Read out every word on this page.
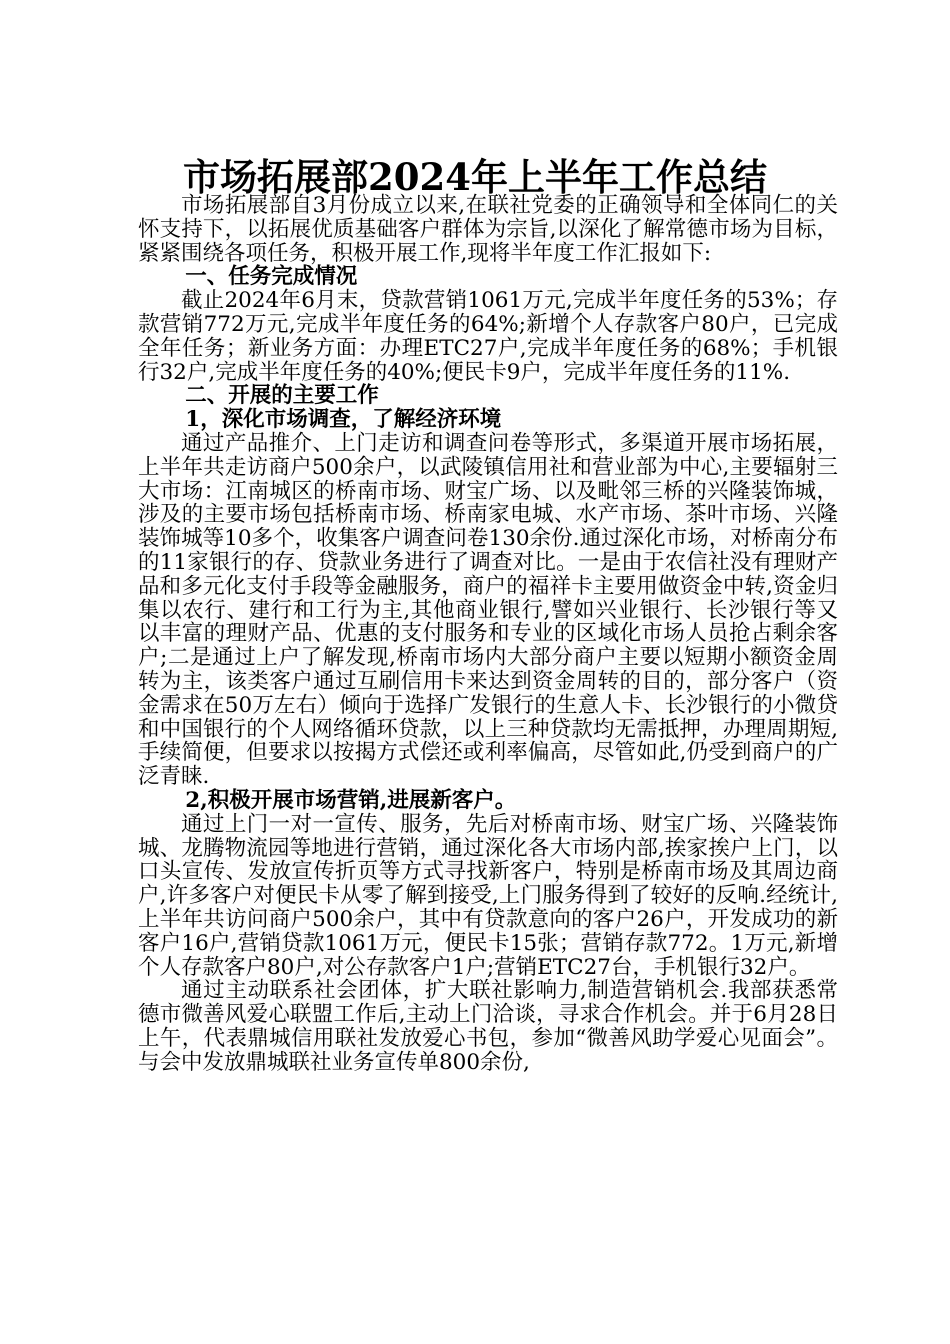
市场拓展部2024年上半年工作总结

市场拓展部自3月份成立以来,在联社党委的正确领导和全体同仁的关怀支持下，以拓展优质基础客户群体为宗旨,以深化了解常德市场为目标，紧紧围绕各项任务，积极开展工作,现将半年度工作汇报如下:

一、任务完成情况

截止2024年6月末，贷款营销1061万元,完成半年度任务的53%；存款营销772万元,完成半年度任务的64%;新增个人存款客户80户，已完成全年任务；新业务方面：办理ETC27户,完成半年度任务的68%；手机银行32户,完成半年度任务的40%;便民卡9户，完成半年度任务的11%.

二、开展的主要工作
1，深化市场调查，了解经济环境

通过产品推介、上门走访和调查问卷等形式，多渠道开展市场拓展，上半年共走访商户500余户，以武陵镇信用社和营业部为中心,主要辐射三大市场：江南城区的桥南市场、财宝广场、以及毗邻三桥的兴隆装饰城，涉及的主要市场包括桥南市场、桥南家电城、水产市场、茶叶市场、兴隆装饰城等10多个，收集客户调查问卷130余份.通过深化市场，对桥南分布的11家银行的存、贷款业务进行了调查对比。一是由于农信社没有理财产品和多元化支付手段等金融服务，商户的福祥卡主要用做资金中转,资金归集以农行、建行和工行为主,其他商业银行,譬如兴业银行、长沙银行等又以丰富的理财产品、优惠的支付服务和专业的区域化市场人员抢占剩余客户;二是通过上户了解发现,桥南市场内大部分商户主要以短期小额资金周转为主，该类客户通过互刷信用卡来达到资金周转的目的，部分客户（资金需求在50万左右）倾向于选择广发银行的生意人卡、长沙银行的小微贷和中国银行的个人网络循环贷款，以上三种贷款均无需抵押，办理周期短,手续简便，但要求以按揭方式偿还或利率偏高，尽管如此,仍受到商户的广泛青睐.

2,积极开展市场营销,进展新客户。

通过上门一对一宣传、服务，先后对桥南市场、财宝广场、兴隆装饰城、龙腾物流园等地进行营销，通过深化各大市场内部,挨家挨户上门，以口头宣传、发放宣传折页等方式寻找新客户，特别是桥南市场及其周边商户,许多客户对便民卡从零了解到接受,上门服务得到了较好的反响.经统计,上半年共访问商户500余户，其中有贷款意向的客户26户，开发成功的新客户16户,营销贷款1061万元，便民卡15张；营销存款772。1万元,新增个人存款客户80户,对公存款客户1户;营销ETC27台，手机银行32户。

通过主动联系社会团体，扩大联社影响力,制造营销机会.我部获悉常德市微善风爱心联盟工作后,主动上门洽谈，寻求合作机会。并于6月28日上午，代表鼎城信用联社发放爱心书包，参加“微善风助学爱心见面会”。与会中发放鼎城联社业务宣传单800余份,
